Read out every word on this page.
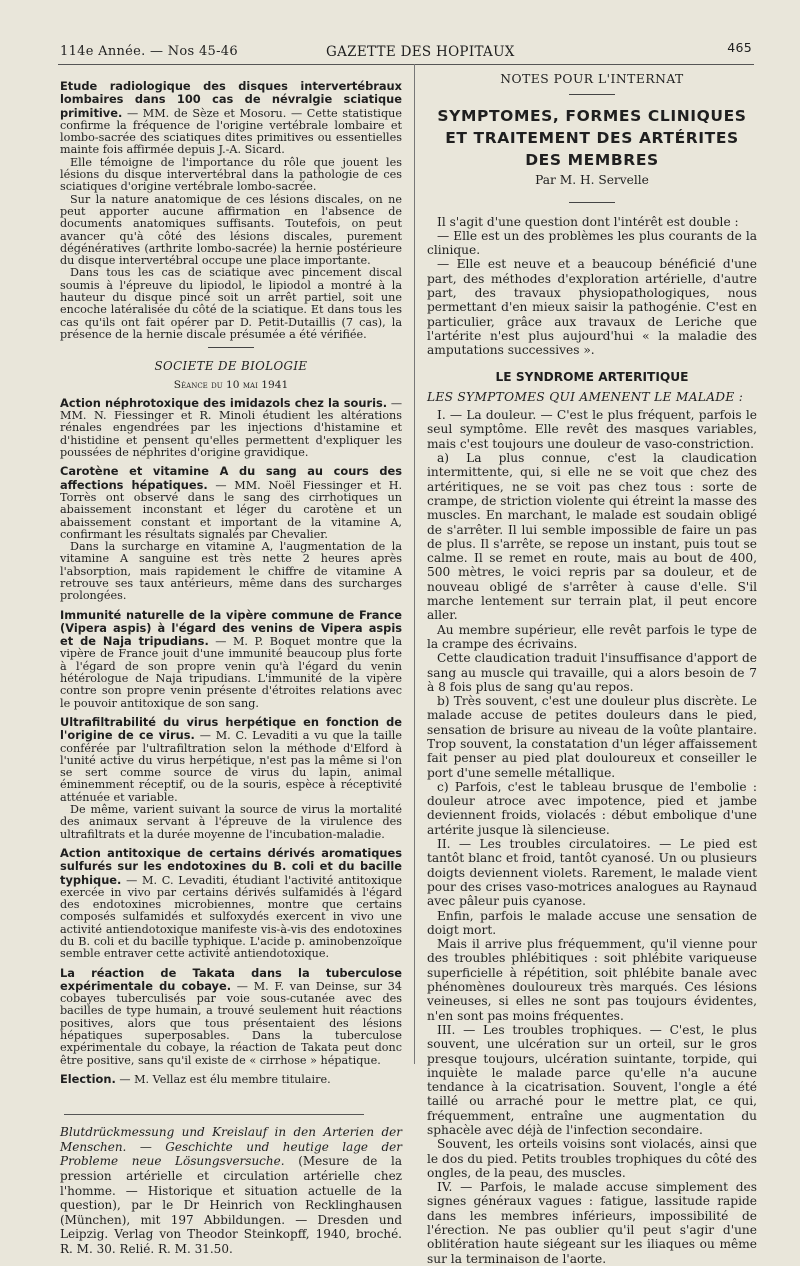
114e Année. — Nos 45-46	GAZETTE DES HOPITAUX	465

Etude radiologique des disques intervertébraux lombaires dans 100 cas de névralgie sciatique primitive. — MM. de Sèze et Mosoru. — Cette statistique confirme la fréquence de l'origine vertébrale lombaire et lombo-sacrée des sciatiques dites primitives ou essentielles mainte fois affirmée depuis J.-A. Sicard.

Elle témoigne de l'importance du rôle que jouent les lésions du disque intervertébral dans la pathologie de ces sciatiques d'origine vertébrale lombo-sacrée.

Sur la nature anatomique de ces lésions discales, on ne peut apporter aucune affirmation en l'absence de documents anatomiques suffisants. Toutefois, on peut avancer qu'à côté des lésions discales, purement dégénératives (arthrite lombo-sacrée) la hernie postérieure du disque intervertébral occupe une place importante.

Dans tous les cas de sciatique avec pincement discal soumis à l'épreuve du lipiodol, le lipiodol a montré à la hauteur du disque pincé soit un arrêt partiel, soit une encoche latéralisée du côté de la sciatique. Et dans tous les cas qu'ils ont fait opérer par D. Petit-Dutaillis (7 cas), la présence de la hernie discale présumée a été vérifiée.

SOCIETE DE BIOLOGIE
Séance du 10 mai 1941

Action néphrotoxique des imidazols chez la souris. — MM. N. Fiessinger et R. Minoli étudient les altérations rénales engendrées par les injections d'histamine et d'histidine et pensent qu'elles permettent d'expliquer les poussées de néphrites d'origine gravidique.

Carotène et vitamine A du sang au cours des affections hépatiques. — MM. Noël Fiessinger et H. Torrès ont observé dans le sang des cirrhotiques un abaissement inconstant et léger du carotène et un abaissement constant et important de la vitamine A, confirmant les résultats signalés par Chevalier.

Dans la surcharge en vitamine A, l'augmentation de la vitamine A sanguine est très nette 2 heures après l'absorption, mais rapidement le chiffre de vitamine A retrouve ses taux antérieurs, même dans des surcharges prolongées.

Immunité naturelle de la vipère commune de France (Vipera aspis) à l'égard des venins de Vipera aspis et de Naja tripudians. — M. P. Boquet montre que la vipère de France jouit d'une immunité beaucoup plus forte à l'égard de son propre venin qu'à l'égard du venin hétérologue de Naja tripudians. L'immunité de la vipère contre son propre venin présente d'étroites relations avec le pouvoir antitoxique de son sang.

Ultrafiltrabilité du virus herpétique en fonction de l'origine de ce virus. — M. C. Levaditi a vu que la taille conférée par l'ultrafiltration selon la méthode d'Elford à l'unité active du virus herpétique, n'est pas la même si l'on se sert comme source de virus du lapin, animal éminemment réceptif, ou de la souris, espèce à réceptivité atténuée et variable.

De même, varient suivant la source de virus la mortalité des animaux servant à l'épreuve de la virulence des ultrafiltrats et la durée moyenne de l'incubation-maladie.

Action antitoxique de certains dérivés aromatiques sulfurés sur les endotoxines du B. coli et du bacille typhique. — M. C. Levaditi, étudiant l'activité antitoxique exercée in vivo par certains dérivés sulfamidés à l'égard des endotoxines microbiennes, montre que certains composés sulfamidés et sulfoxydés exercent in vivo une activité antiendotoxique manifeste vis-à-vis des endotoxines du B. coli et du bacille typhique. L'acide p. aminobenzoïque semble entraver cette activité antiendotoxique.

La réaction de Takata dans la tuberculose expérimentale du cobaye. — M. F. van Deinse, sur 34 cobayes tuberculisés par voie sous-cutanée avec des bacilles de type humain, a trouvé seulement huit réactions positives, alors que tous présentaient des lésions hépatiques superposables. Dans la tuberculose expérimentale du cobaye, la réaction de Takata peut donc être positive, sans qu'il existe de « cirrhose » hépatique.

Election. — M. Vellaz est élu membre titulaire.

Blutdrückmessung und Kreislauf in den Arterien der Menschen. — Geschichte und heutige lage der Probleme neue Lösungsversuche. (Mesure de la pression artérielle et circulation artérielle chez l'homme. — Historique et situation actuelle de la question), par le Dr Heinrich von Recklinghausen (München), mit 197 Abbildungen. — Dresden und Leipzig. Verlag von Theodor Steinkopff, 1940, broché. R. M. 30. Relié. R. M. 31.50.

NOTES POUR L'INTERNAT
SYMPTOMES, FORMES CLINIQUES
ET TRAITEMENT DES ARTÉRITES DES MEMBRES
Par M. H. Servelle

Il s'agit d'une question dont l'intérêt est double :

— Elle est un des problèmes les plus courants de la clinique.

— Elle est neuve et a beaucoup bénéficié d'une part, des méthodes d'exploration artérielle, d'autre part, des travaux physiopathologiques, nous permettant d'en mieux saisir la pathogénie. C'est en particulier, grâce aux travaux de Leriche que l'artérite n'est plus aujourd'hui « la maladie des amputations successives ».

LE SYNDROME ARTERITIQUE
LES SYMPTOMES QUI AMENENT LE MALADE :

I. — La douleur. — C'est le plus fréquent, parfois le seul symptôme. Elle revêt des masques variables, mais c'est toujours une douleur de vaso-constriction.

a) La plus connue, c'est la claudication intermittente, qui, si elle ne se voit que chez des artéritiques, ne se voit pas chez tous : sorte de crampe, de striction violente qui étreint la masse des muscles. En marchant, le malade est soudain obligé de s'arrêter. Il lui semble impossible de faire un pas de plus. Il s'arrête, se repose un instant, puis tout se calme. Il se remet en route, mais au bout de 400, 500 mètres, le voici repris par sa douleur, et de nouveau obligé de s'arrêter à cause d'elle. S'il marche lentement sur terrain plat, il peut encore aller.

Au membre supérieur, elle revêt parfois le type de la crampe des écrivains.

Cette claudication traduit l'insuffisance d'apport de sang au muscle qui travaille, qui a alors besoin de 7 à 8 fois plus de sang qu'au repos.

b) Très souvent, c'est une douleur plus discrète. Le malade accuse de petites douleurs dans le pied, sensation de brisure au niveau de la voûte plantaire. Trop souvent, la constatation d'un léger affaissement fait penser au pied plat douloureux et conseiller le port d'une semelle métallique.

c) Parfois, c'est le tableau brusque de l'embolie : douleur atroce avec impotence, pied et jambe deviennent froids, violacés : début embolique d'une artérite jusque là silencieuse.

II. — Les troubles circulatoires. — Le pied est tantôt blanc et froid, tantôt cyanosé. Un ou plusieurs doigts deviennent violets. Rarement, le malade vient pour des crises vaso-motrices analogues au Raynaud avec pâleur puis cyanose.

Enfin, parfois le malade accuse une sensation de doigt mort.

Mais il arrive plus fréquemment, qu'il vienne pour des troubles phlébitiques : soit phlébite variqueuse superficielle à répétition, soit phlébite banale avec phénomènes douloureux très marqués. Ces lésions veineuses, si elles ne sont pas toujours évidentes, n'en sont pas moins fréquentes.

III. — Les troubles trophiques. — C'est, le plus souvent, une ulcération sur un orteil, sur le gros presque toujours, ulcération suintante, torpide, qui inquiète le malade parce qu'elle n'a aucune tendance à la cicatrisation. Souvent, l'ongle a été taillé ou arraché pour le mettre plat, ce qui, fréquemment, entraîne une augmentation du sphacèle avec déjà de l'infection secondaire.

Souvent, les orteils voisins sont violacés, ainsi que le dos du pied. Petits troubles trophiques du côté des ongles, de la peau, des muscles.

IV. — Parfois, le malade accuse simplement des signes généraux vagues : fatigue, lassitude rapide dans les membres inférieurs, impossibilité de l'érection. Ne pas oublier qu'il peut s'agir d'une oblitération haute siégeant sur les iliaques ou même sur la terminaison de l'aorte.
